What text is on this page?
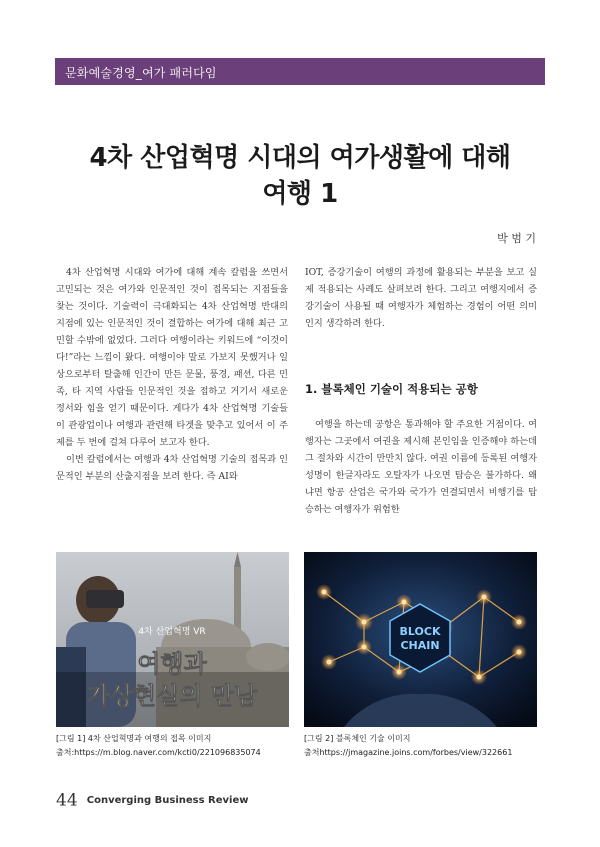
문화예술경영_여가 패러다임
4차 산업혁명 시대의 여가생활에 대해
여행 1
박 범 기

4차 산업혁명 시대와 여가에 대해 계속 칼럼을 쓰면서 고민되는 것은 여가와 인문적인 것이 접목되는 지점들을 찾는 것이다. 기술력이 극대화되는 4차 산업혁명 반대의 지점에 있는 인문적인 것이 결합하는 여가에 대해 최근 고민할 수밖에 없었다. 그러다 여행이라는 키워드에 “이것이다!”라는 느낌이 왔다. 여행이야 말로 가보지 못했거나 일상으로부터 탈출해 인간이 만든 문물, 풍경, 패션, 다른 민족, 타 지역 사람들 인문적인 것을 접하고 거기서 새로운 정서와 힘을 얻기 때문이다. 게다가 4차 산업혁명 기술들이 관광업이나 여행과 관련해 타겟을 맞추고 있어서 이 주제를 두 번에 걸쳐 다루어 보고자 한다.

이번 칼럼에서는 여행과 4차 산업혁명 기술의 접목과 인문적인 부분의 산출지점을 보려 한다. 즉 AI와

IOT, 증강기술이 여행의 과정에 활용되는 부분을 보고 실제 적용되는 사례도 살펴보려 한다. 그리고 여행지에서 증강기술이 사용될 때 여행자가 체험하는 경험이 어떤 의미인지 생각하려 한다.

1. 블록체인 기술이 적용되는 공항

여행을 하는데 공항은 통과해야 할 주요한 거점이다. 여행자는 그곳에서 여권을 제시해 본인임을 인증해야 하는데 그 절차와 시간이 만만치 않다. 여권 이름에 등록된 여행자 성명이 한글자라도 오탈자가 나오면 탑승은 불가하다. 왜냐면 항공 산업은 국가와 국가가 연결되면서 비행기를 탑승하는 여행자가 위험한

4차 산업혁명 VR
여행과
가상현실의 만남
BLOCK
CHAIN
[그림 1] 4차 산업혁명과 여행의 접목 이미지
출처:https://m.blog.naver.com/kcti0/221096835074
[그림 2] 블록체인 기술 이미지
출처https://jmagazine.joins.com/forbes/view/322661
44 Converging Business Review
